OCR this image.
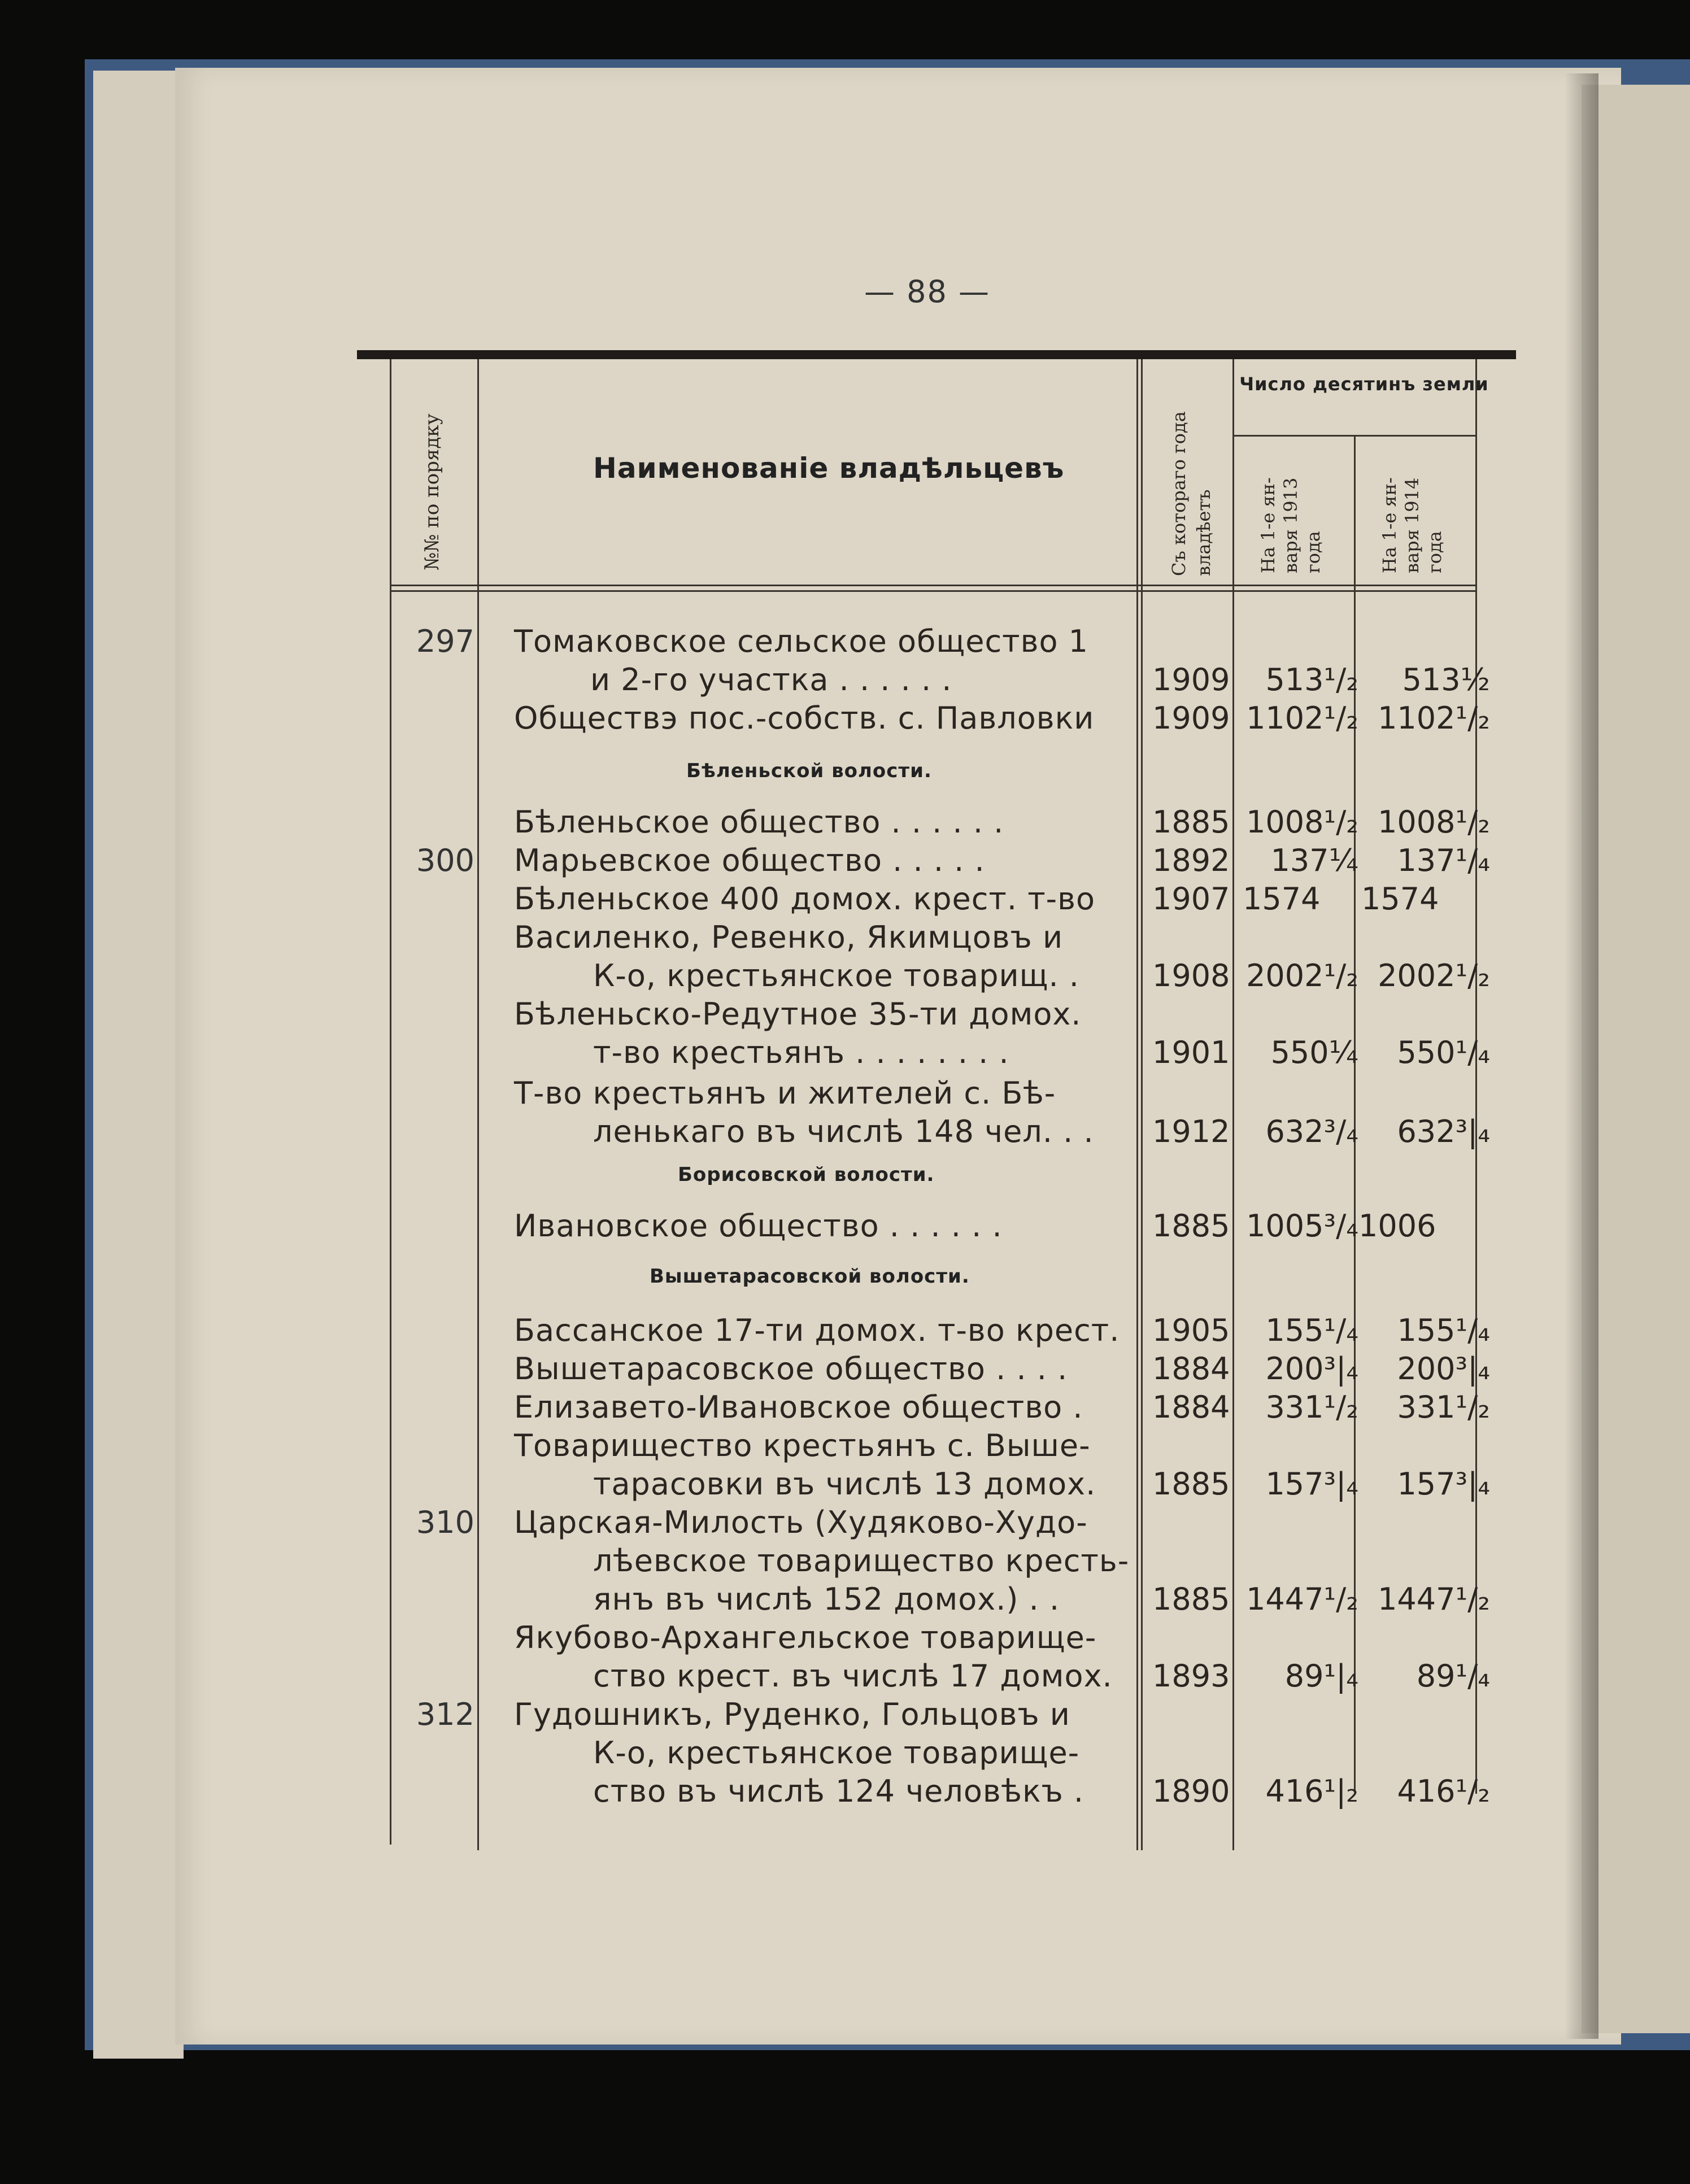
— 88 —
№№ по порядку	Наименованіе владѣльцевъ	Съ котораго года владѣетъ
Число десятинъ земли
На 1-е ян-варя 1913 года	На 1-е ян-варя 1914 года
297 Томаковское сельское общество 1
и 2-го участка . . . . . .	1909	513¹/₂	513½
Обществэ пос.-собств. с. Павловки 1909 1102¹/₂ 1102¹/₂
Бѣленьской волости.
Бѣленьское общество . . . . . .	1885 1008¹/₂ 1008¹/₂
300 Марьевское общество . . . . .	1892	137¼	137¹/₄
Бѣленьское 400 домох. крест. т-во 1907 1574	1574
Василенко, Ревенко, Якимцовъ и
К-о, крестьянское товарищ. . 1908 2002¹/₂ 2002¹/₂
Бѣленьско-Редутное 35-ти домох.
т-во крестьянъ . . . . . . . .	1901	550¼	550¹/₄
Т-во крестьянъ и жителей с. Бѣ-
ленькаго въ числѣ 148 чел. . . 1912	632³/₄	632³|₄
Борисовской волости.
Ивановское общество . . . . . .	1885 1005³/₄ 1006
Вышетарасовской волости.
Бассанское 17-ти домох. т-во крест. 1905	155¹/₄	155¹/₄
Вышетарасовское общество . . . .	1884	200³|₄	200³|₄
Елизавето-Ивановское общество . 1884	331¹/₂	331¹/₂
Товарищество крестьянъ с. Выше-
тарасовки въ числѣ 13 домох. 1885	157³|₄	157³|₄
310 Царская-Милость (Худяково-Худо-
лѣевское товарищество кресть-
янъ въ числѣ 152 домох.) . .	1885 1447¹/₂ 1447¹/₂
Якубово-Архангельское товарище-
ство крест. въ числѣ 17 домох. 1893	89¹|₄	89¹/₄
312 Гудошникъ, Руденко, Гольцовъ и
К-о, крестьянское товарище-
ство въ числѣ 124 человѣкъ . 1890	416¹|₂	416¹/₂
